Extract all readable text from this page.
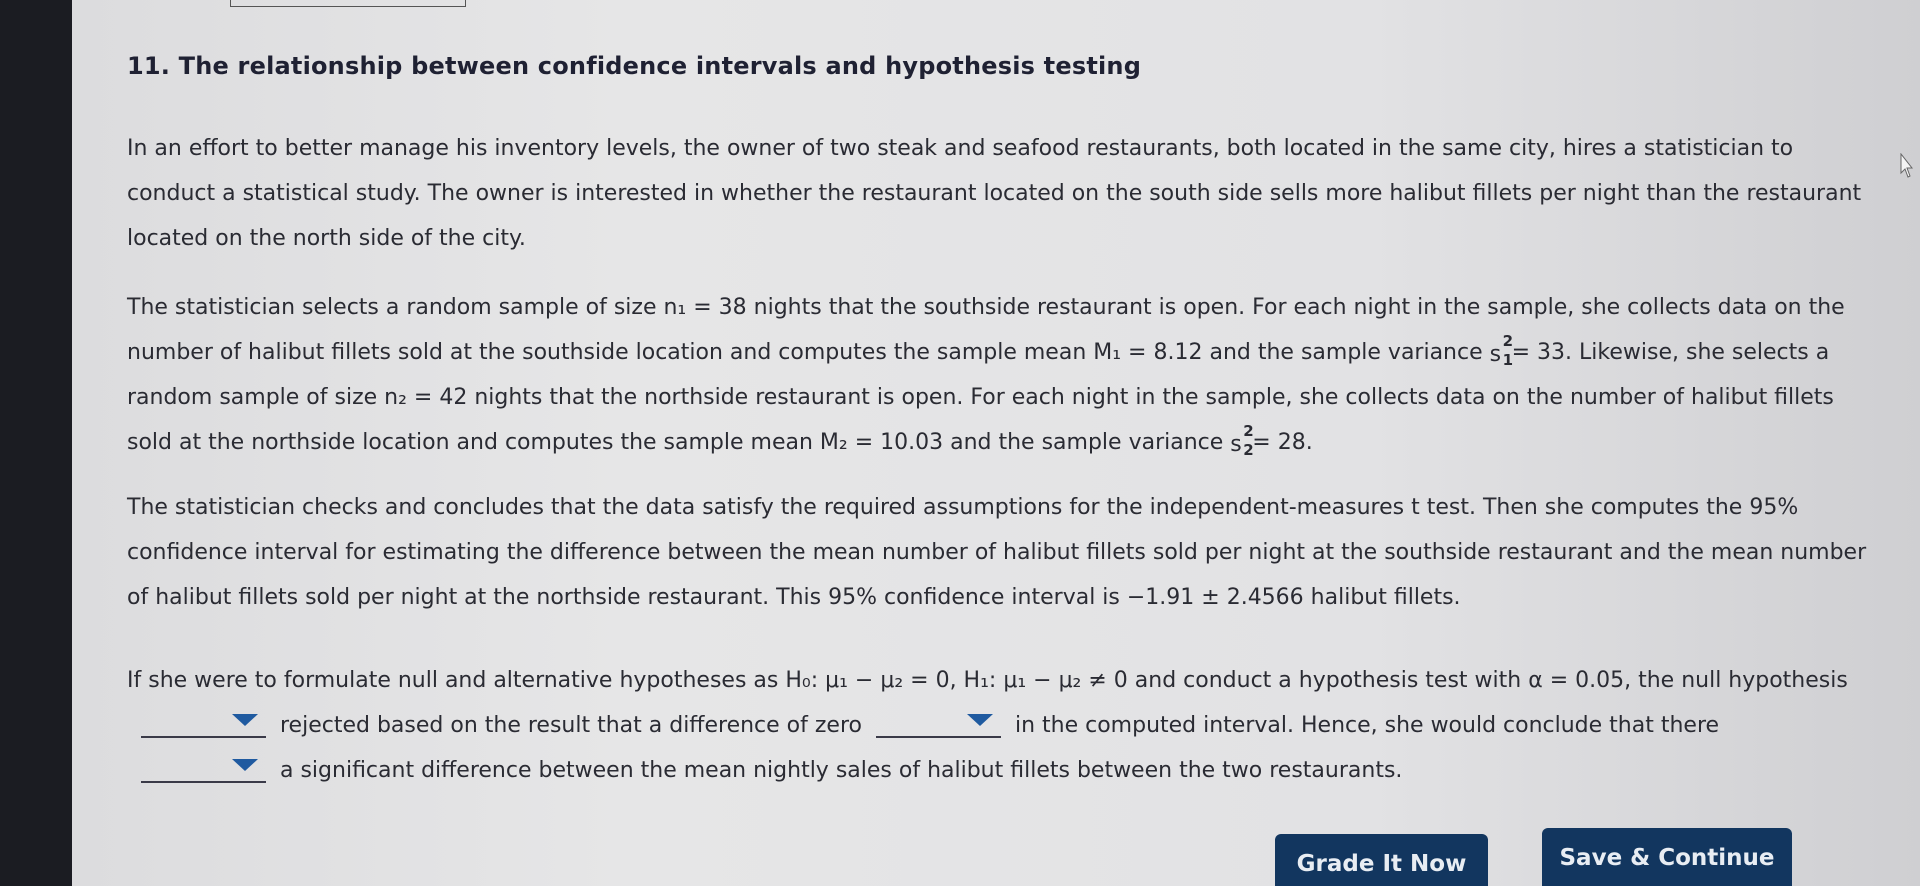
11. The relationship between confidence intervals and hypothesis testing

In an effort to better manage his inventory levels, the owner of two steak and seafood restaurants, both located in the same city, hires a statistician to conduct a statistical study. The owner is interested in whether the restaurant located on the south side sells more halibut fillets per night than the restaurant located on the north side of the city.

The statistician selects a random sample of size n₁ = 38 nights that the southside restaurant is open. For each night in the sample, she collects data on the number of halibut fillets sold at the southside location and computes the sample mean M₁ = 8.12 and the sample variance s
2
1
= 33. Likewise, she selects a random sample of size n₂ = 42 nights that the northside restaurant is open. For each night in the sample, she collects data on the number of halibut fillets sold at the northside location and computes the sample mean M₂ = 10.03 and the sample variance s
2
2
= 28.

The statistician checks and concludes that the data satisfy the required assumptions for the independent-measures t test. Then she computes the 95% confidence interval for estimating the difference between the mean number of halibut fillets sold per night at the southside restaurant and the mean number of halibut fillets sold per night at the northside restaurant. This 95% confidence interval is −1.91 ± 2.4566 halibut fillets.

If she were to formulate null and alternative hypotheses as H₀: μ₁ − μ₂ = 0, H₁: μ₁ − μ₂ ≠ 0 and conduct a hypothesis test with α = 0.05, the null hypothesis
rejected based on the result that a difference of zero	in the computed interval. Hence, she would conclude that there
a significant difference between the mean nightly sales of halibut fillets between the two restaurants.

Grade It Now	Save & Continue
